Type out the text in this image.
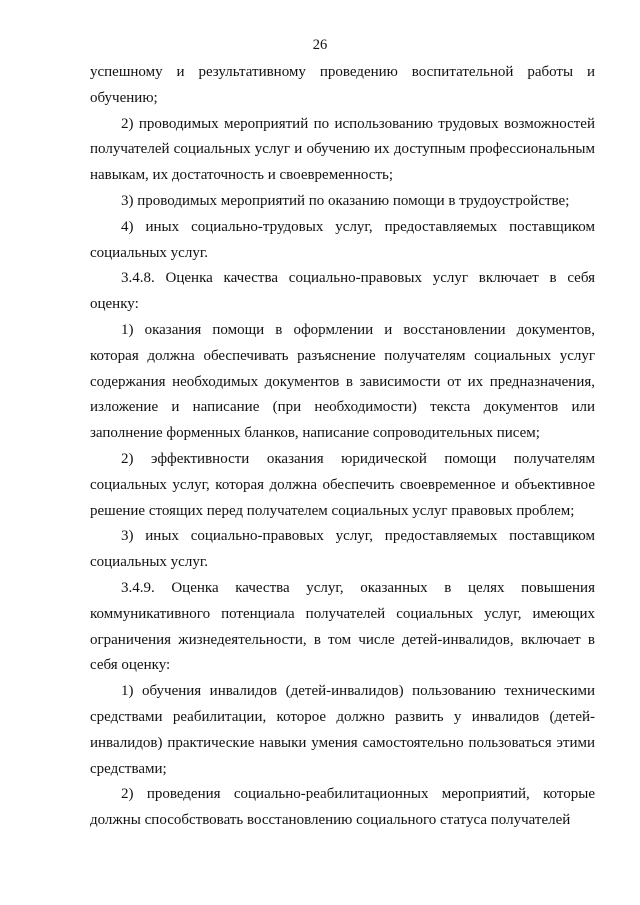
26

успешному и результативному проведению воспитательной работы и обучению;

2) проводимых мероприятий по использованию трудовых возможностей получателей социальных услуг и обучению их доступным профессиональным навыкам, их достаточность и своевременность;

3) проводимых мероприятий по оказанию помощи в трудоустройстве;

4) иных социально-трудовых услуг, предоставляемых поставщиком социальных услуг.

3.4.8. Оценка качества социально-правовых услуг включает в себя оценку:

1) оказания помощи в оформлении и восстановлении документов, которая должна обеспечивать разъяснение получателям социальных услуг содержания необходимых документов в зависимости от их предназначения, изложение и написание (при необходимости) текста документов или заполнение форменных бланков, написание сопроводительных писем;

2) эффективности оказания юридической помощи получателям социальных услуг, которая должна обеспечить своевременное и объективное решение стоящих перед получателем социальных услуг правовых проблем;

3) иных социально-правовых услуг, предоставляемых поставщиком социальных услуг.

3.4.9. Оценка качества услуг, оказанных в целях повышения коммуникативного потенциала получателей социальных услуг, имеющих ограничения жизнедеятельности, в том числе детей-инвалидов, включает в себя оценку:

1) обучения инвалидов (детей-инвалидов) пользованию техническими средствами реабилитации, которое должно развить у инвалидов (детей-инвалидов) практические навыки умения самостоятельно пользоваться этими средствами;

2) проведения социально-реабилитационных мероприятий, которые должны способствовать восстановлению социального статуса получателей
